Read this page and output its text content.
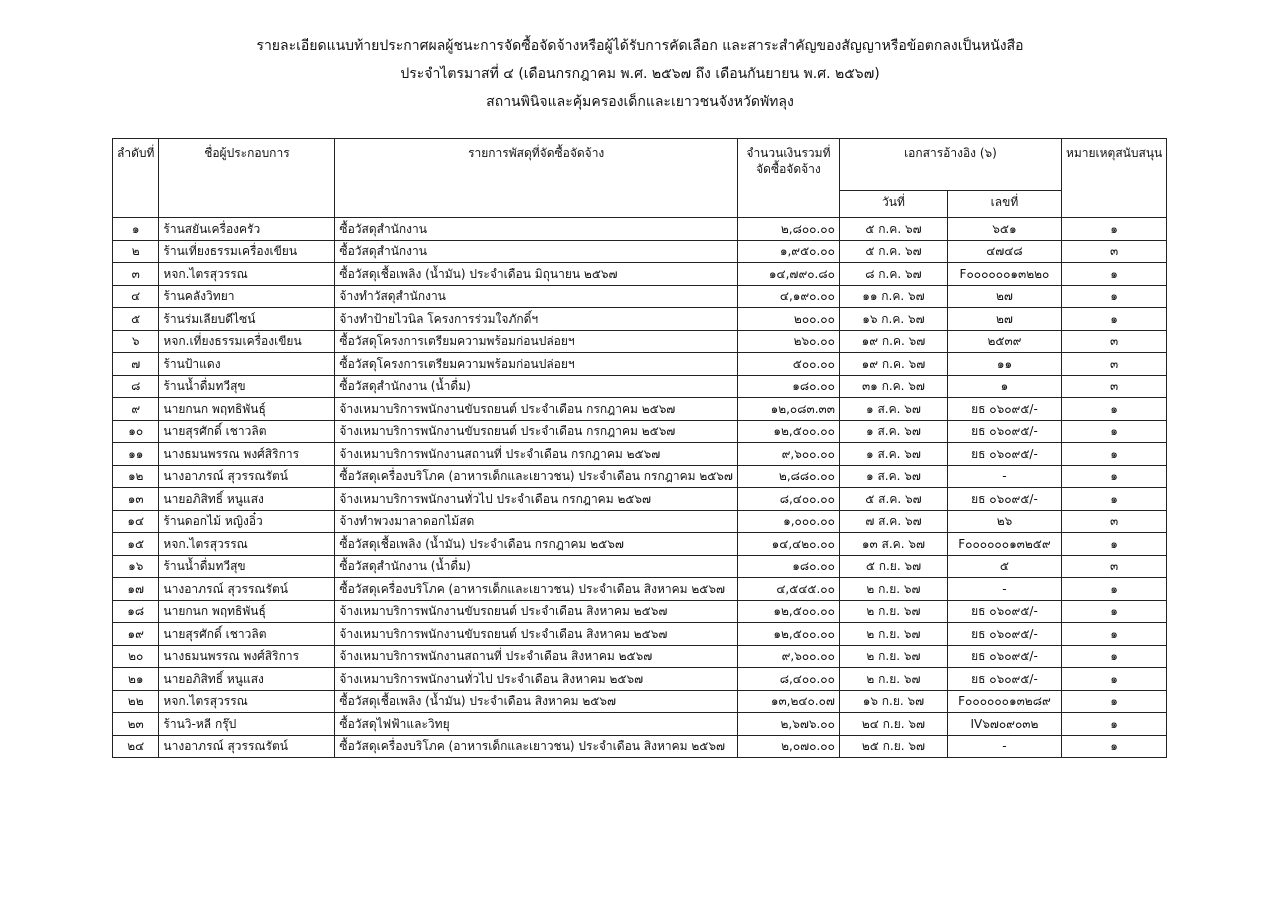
รายละเอียดแนบท้ายประกาศผลผู้ชนะการจัดซื้อจัดจ้างหรือผู้ได้รับการคัดเลือก และสาระสำคัญของสัญญาหรือข้อตกลงเป็นหนังสือ
ประจำไตรมาสที่ ๔ (เดือนกรกฎาคม พ.ศ. ๒๕๖๗ ถึง เดือนกันยายน พ.ศ. ๒๕๖๗)
สถานพินิจและคุ้มครองเด็กและเยาวชนจังหวัดพัทลุง
ลำดับที่	ชื่อผู้ประกอบการ	รายการพัสดุที่จัดซื้อจัดจ้าง	จำนวนเงินรวมที่จัดซื้อจัดจ้าง	เอกสารอ้างอิง (๖)		หมายเหตุสนับสนุน
				วันที่	เลขที่	
๑	ร้านสยันเครื่องครัว	ซื้อวัสดุสำนักงาน	๒,๘๐๐.๐๐	๕ ก.ค. ๖๗	๖๕๑	๑
๒	ร้านเที่ยงธรรมเครื่องเขียน	ซื้อวัสดุสำนักงาน	๑,๙๕๐.๐๐	๕ ก.ค. ๖๗	๔๗๔๘	๓
๓	หจก.ไตรสุวรรณ	ซื้อวัสดุเชื้อเพลิง (น้ำมัน) ประจำเดือน มิถุนายน ๒๕๖๗	๑๔,๗๙๐.๘๐	๘ ก.ค. ๖๗	F๐๐๐๐๐๐๑๓๒๒๐	๑
๔	ร้านคลังวิทยา	จ้างทำวัสดุสำนักงาน	๔,๑๙๐.๐๐	๑๑ ก.ค. ๖๗	๒๗	๑
๕	ร้านร่มเลียบดีไซน์	จ้างทำป้ายไวนิล โครงการร่วมใจภักดิ์ฯ	๒๐๐.๐๐	๑๖ ก.ค. ๖๗	๒๗	๑
๖	หจก.เที่ยงธรรมเครื่องเขียน	ซื้อวัสดุโครงการเตรียมความพร้อมก่อนปล่อยฯ	๒๖๐.๐๐	๑๙ ก.ค. ๖๗	๒๕๓๙	๓
๗	ร้านป้าแดง	ซื้อวัสดุโครงการเตรียมความพร้อมก่อนปล่อยฯ	๕๐๐.๐๐	๑๙ ก.ค. ๖๗	๑๑	๓
๘	ร้านน้ำดื่มทวีสุข	ซื้อวัสดุสำนักงาน (น้ำดื่ม)	๑๘๐.๐๐	๓๑ ก.ค. ๖๗	๑	๓
๙	นายกนก พฤทธิพันธุ์	จ้างเหมาบริการพนักงานขับรถยนต์ ประจำเดือน กรกฎาคม ๒๕๖๗	๑๒,๐๘๓.๓๓	๑ ส.ค. ๖๗	ยธ ๐๖๐๙๕/-	๑
๑๐	นายสุรศักดิ์ เชาวลิต	จ้างเหมาบริการพนักงานขับรถยนต์ ประจำเดือน กรกฎาคม ๒๕๖๗	๑๒,๕๐๐.๐๐	๑ ส.ค. ๖๗	ยธ ๐๖๐๙๕/-	๑
๑๑	นางธมนพรรณ พงศ์สิริการ	จ้างเหมาบริการพนักงานสถานที่ ประจำเดือน กรกฎาคม ๒๕๖๗	๙,๖๐๐.๐๐	๑ ส.ค. ๖๗	ยธ ๐๖๐๙๕/-	๑
๑๒	นางอาภรณ์ สุวรรณรัตน์	ซื้อวัสดุเครื่องบริโภค (อาหารเด็กและเยาวชน) ประจำเดือน กรกฎาคม ๒๕๖๗	๒,๘๘๐.๐๐	๑ ส.ค. ๖๗	-	๑
๑๓	นายอภิสิทธิ์ หนูแสง	จ้างเหมาบริการพนักงานทั่วไป ประจำเดือน กรกฎาคม ๒๕๖๗	๘,๔๐๐.๐๐	๕ ส.ค. ๖๗	ยธ ๐๖๐๙๕/-	๑
๑๔	ร้านดอกไม้ หญิงอิ๋ว	จ้างทำพวงมาลาดอกไม้สด	๑,๐๐๐.๐๐	๗ ส.ค. ๖๗	๒๖	๓
๑๕	หจก.ไตรสุวรรณ	ซื้อวัสดุเชื้อเพลิง (น้ำมัน) ประจำเดือน กรกฎาคม ๒๕๖๗	๑๔,๔๒๐.๐๐	๑๓ ส.ค. ๖๗	F๐๐๐๐๐๐๑๓๒๕๙	๑
๑๖	ร้านน้ำดื่มทวีสุข	ซื้อวัสดุสำนักงาน (น้ำดื่ม)	๑๘๐.๐๐	๕ ก.ย. ๖๗	๕	๓
๑๗	นางอาภรณ์ สุวรรณรัตน์	ซื้อวัสดุเครื่องบริโภค (อาหารเด็กและเยาวชน) ประจำเดือน สิงหาคม ๒๕๖๗	๔,๕๔๕.๐๐	๒ ก.ย. ๖๗	-	๑
๑๘	นายกนก พฤทธิพันธุ์	จ้างเหมาบริการพนักงานขับรถยนต์ ประจำเดือน สิงหาคม ๒๕๖๗	๑๒,๕๐๐.๐๐	๒ ก.ย. ๖๗	ยธ ๐๖๐๙๕/-	๑
๑๙	นายสุรศักดิ์ เชาวลิต	จ้างเหมาบริการพนักงานขับรถยนต์ ประจำเดือน สิงหาคม ๒๕๖๗	๑๒,๕๐๐.๐๐	๒ ก.ย. ๖๗	ยธ ๐๖๐๙๕/-	๑
๒๐	นางธมนพรรณ พงศ์สิริการ	จ้างเหมาบริการพนักงานสถานที่ ประจำเดือน สิงหาคม ๒๕๖๗	๙,๖๐๐.๐๐	๒ ก.ย. ๖๗	ยธ ๐๖๐๙๕/-	๑
๒๑	นายอภิสิทธิ์ หนูแสง	จ้างเหมาบริการพนักงานทั่วไป ประจำเดือน สิงหาคม ๒๕๖๗	๘,๔๐๐.๐๐	๒ ก.ย. ๖๗	ยธ ๐๖๐๙๕/-	๑
๒๒	หจก.ไตรสุวรรณ	ซื้อวัสดุเชื้อเพลิง (น้ำมัน) ประจำเดือน สิงหาคม ๒๕๖๗	๑๓,๒๔๐.๐๗	๑๖ ก.ย. ๖๗	F๐๐๐๐๐๐๑๓๒๘๙	๑
๒๓	ร้านวิ-หลี กรุ๊ป	ซื้อวัสดุไฟฟ้าและวิทยุ	๒,๖๗๖.๐๐	๒๔ ก.ย. ๖๗	IV๖๗๐๙๐๓๒	๑
๒๔	นางอาภรณ์ สุวรรณรัตน์	ซื้อวัสดุเครื่องบริโภค (อาหารเด็กและเยาวชน) ประจำเดือน สิงหาคม ๒๕๖๗	๒,๐๗๐.๐๐	๒๕ ก.ย. ๖๗	-	๑
